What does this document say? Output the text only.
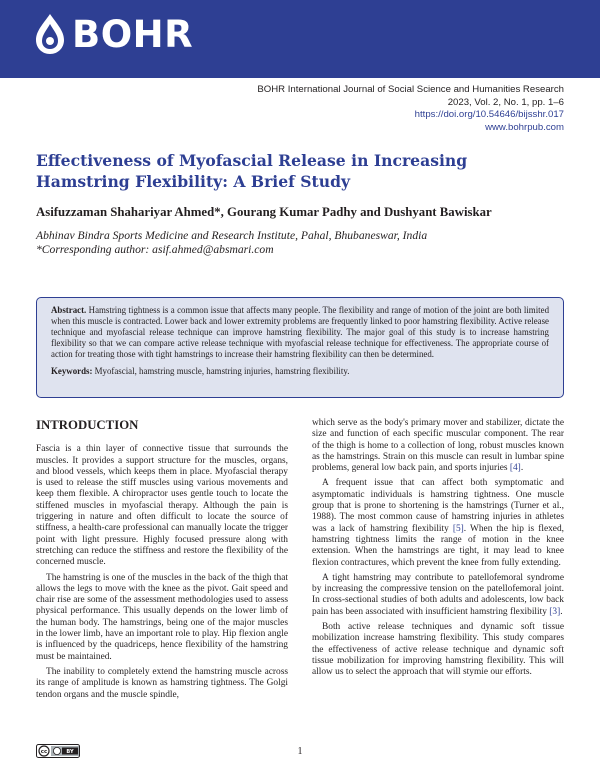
BOHR
BOHR International Journal of Social Science and Humanities Research
2023, Vol. 2, No. 1, pp. 1–6
https://doi.org/10.54646/bijsshr.017
www.bohrpub.com
Effectiveness of Myofascial Release in Increasing Hamstring Flexibility: A Brief Study
Asifuzzaman Shahariyar Ahmed*, Gourang Kumar Padhy and Dushyant Bawiskar
Abhinav Bindra Sports Medicine and Research Institute, Pahal, Bhubaneswar, India
*Corresponding author: asif.ahmed@absmari.com
Abstract. Hamstring tightness is a common issue that affects many people. The flexibility and range of motion of the joint are both limited when this muscle is contracted. Lower back and lower extremity problems are frequently linked to poor hamstring flexibility. Active release technique and myofascial release technique can improve hamstring flexibility. The major goal of this study is to increase hamstring flexibility so that we can compare active release technique with myofascial release technique for effectiveness. The appropriate course of action for treating those with tight hamstrings to increase their hamstring flexibility can then be determined.
Keywords: Myofascial, hamstring muscle, hamstring injuries, hamstring flexibility.
INTRODUCTION

Fascia is a thin layer of connective tissue that surrounds the muscles. It provides a support structure for the muscles, organs, and blood vessels, which keeps them in place. Myofascial therapy is used to release the stiff muscles using various movements and keep them flexible. A chiropractor uses gentle touch to locate the stiffened muscles in myofascial therapy. Although the pain is triggering in nature and often difficult to locate the source of stiffness, a health-care professional can manually locate the trigger point with light pressure. Highly focused pressure along with stretching can reduce the stiffness and restore the flexibility of the concerned muscle.

The hamstring is one of the muscles in the back of the thigh that allows the legs to move with the knee as the pivot. Gait speed and chair rise are some of the assessment methodologies used to assess physical performance. This usually depends on the lower limb of the human body. The hamstrings, being one of the major muscles in the lower limb, have an important role to play. Hip flexion angle is influenced by the quadriceps, hence flexibility of the hamstring must be maintained.

The inability to completely extend the hamstring muscle across its range of amplitude is known as hamstring tightness. The Golgi tendon organs and the muscle spindle,

which serve as the body's primary mover and stabilizer, dictate the size and function of each specific muscular component. The rear of the thigh is home to a collection of long, robust muscles known as the hamstrings. Strain on this muscle can result in lumbar spine problems, general low back pain, and sports injuries [4].

A frequent issue that can affect both symptomatic and asymptomatic individuals is hamstring tightness. One muscle group that is prone to shortening is the hamstrings (Turner et al., 1988). The most common cause of hamstring injuries in athletes was a lack of hamstring flexibility [5]. When the hip is flexed, hamstring tightness limits the range of motion in the knee extension. When the hamstrings are tight, it may lead to knee flexion contractures, which prevent the knee from fully extending.

A tight hamstring may contribute to patellofemoral syndrome by increasing the compressive tension on the patellofemoral joint. In cross-sectional studies of both adults and adolescents, low back pain has been associated with insufficient hamstring flexibility [3].

Both active release techniques and dynamic soft tissue mobilization increase hamstring flexibility. This study compares the effectiveness of active release technique and dynamic soft tissue mobilization for improving hamstring flexibility. This will allow us to select the approach that will stymie our efforts.

cc	BY	1
